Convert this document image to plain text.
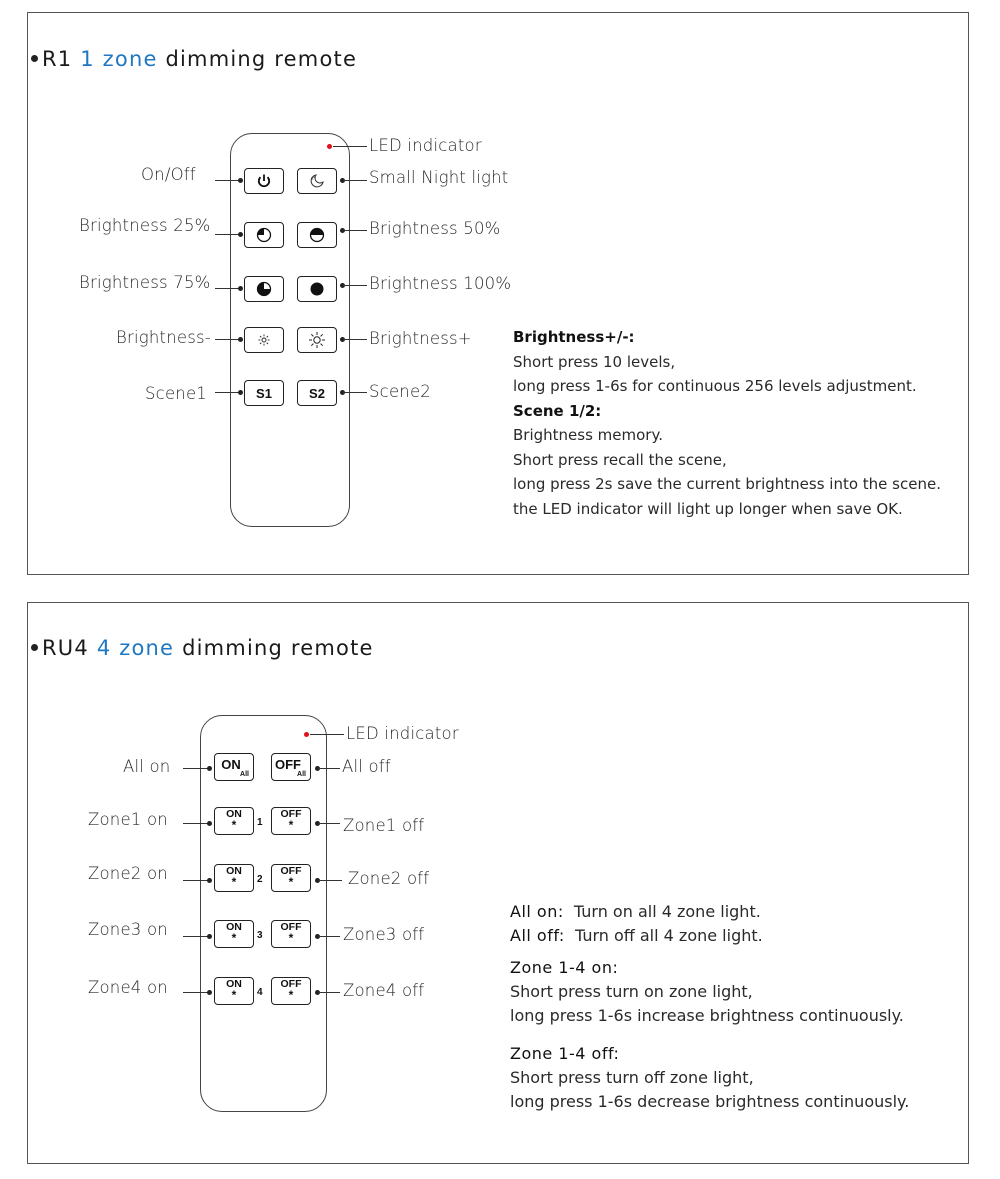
R1 1 zone dimming remote
LED indicator
z z
On/Off	Small Night light
Brightness 25%	Brightness 50%
Brightness 75%	Brightness 100%
Brightness-	Brightness+
S1	S2
Scene1	Scene2
Brightness+/-:
Short press 10 levels,
long press 1-6s for continuous 256 levels adjustment.
Scene 1/2:
Brightness memory.
Short press recall the scene,
long press 2s save the current brightness into the scene.
the LED indicator will light up longer when save OK.
RU4 4 zone dimming remote
LED indicator
ON
All
OFF
All
All on	All off
ON
*	1
OFF
*
Zone1 on	Zone1 off
ON
*	2
OFF
*
Zone2 on	Zone2 off
ON
*	3
OFF
*
Zone3 on	Zone3 off
ON
*	4
OFF
*
Zone4 on	Zone4 off
All on: Turn on all 4 zone light.
All off: Turn off all 4 zone light.
Zone 1-4 on:
Short press turn on zone light,
long press 1-6s increase brightness continuously.
Zone 1-4 off:
Short press turn off zone light,
long press 1-6s decrease brightness continuously.
